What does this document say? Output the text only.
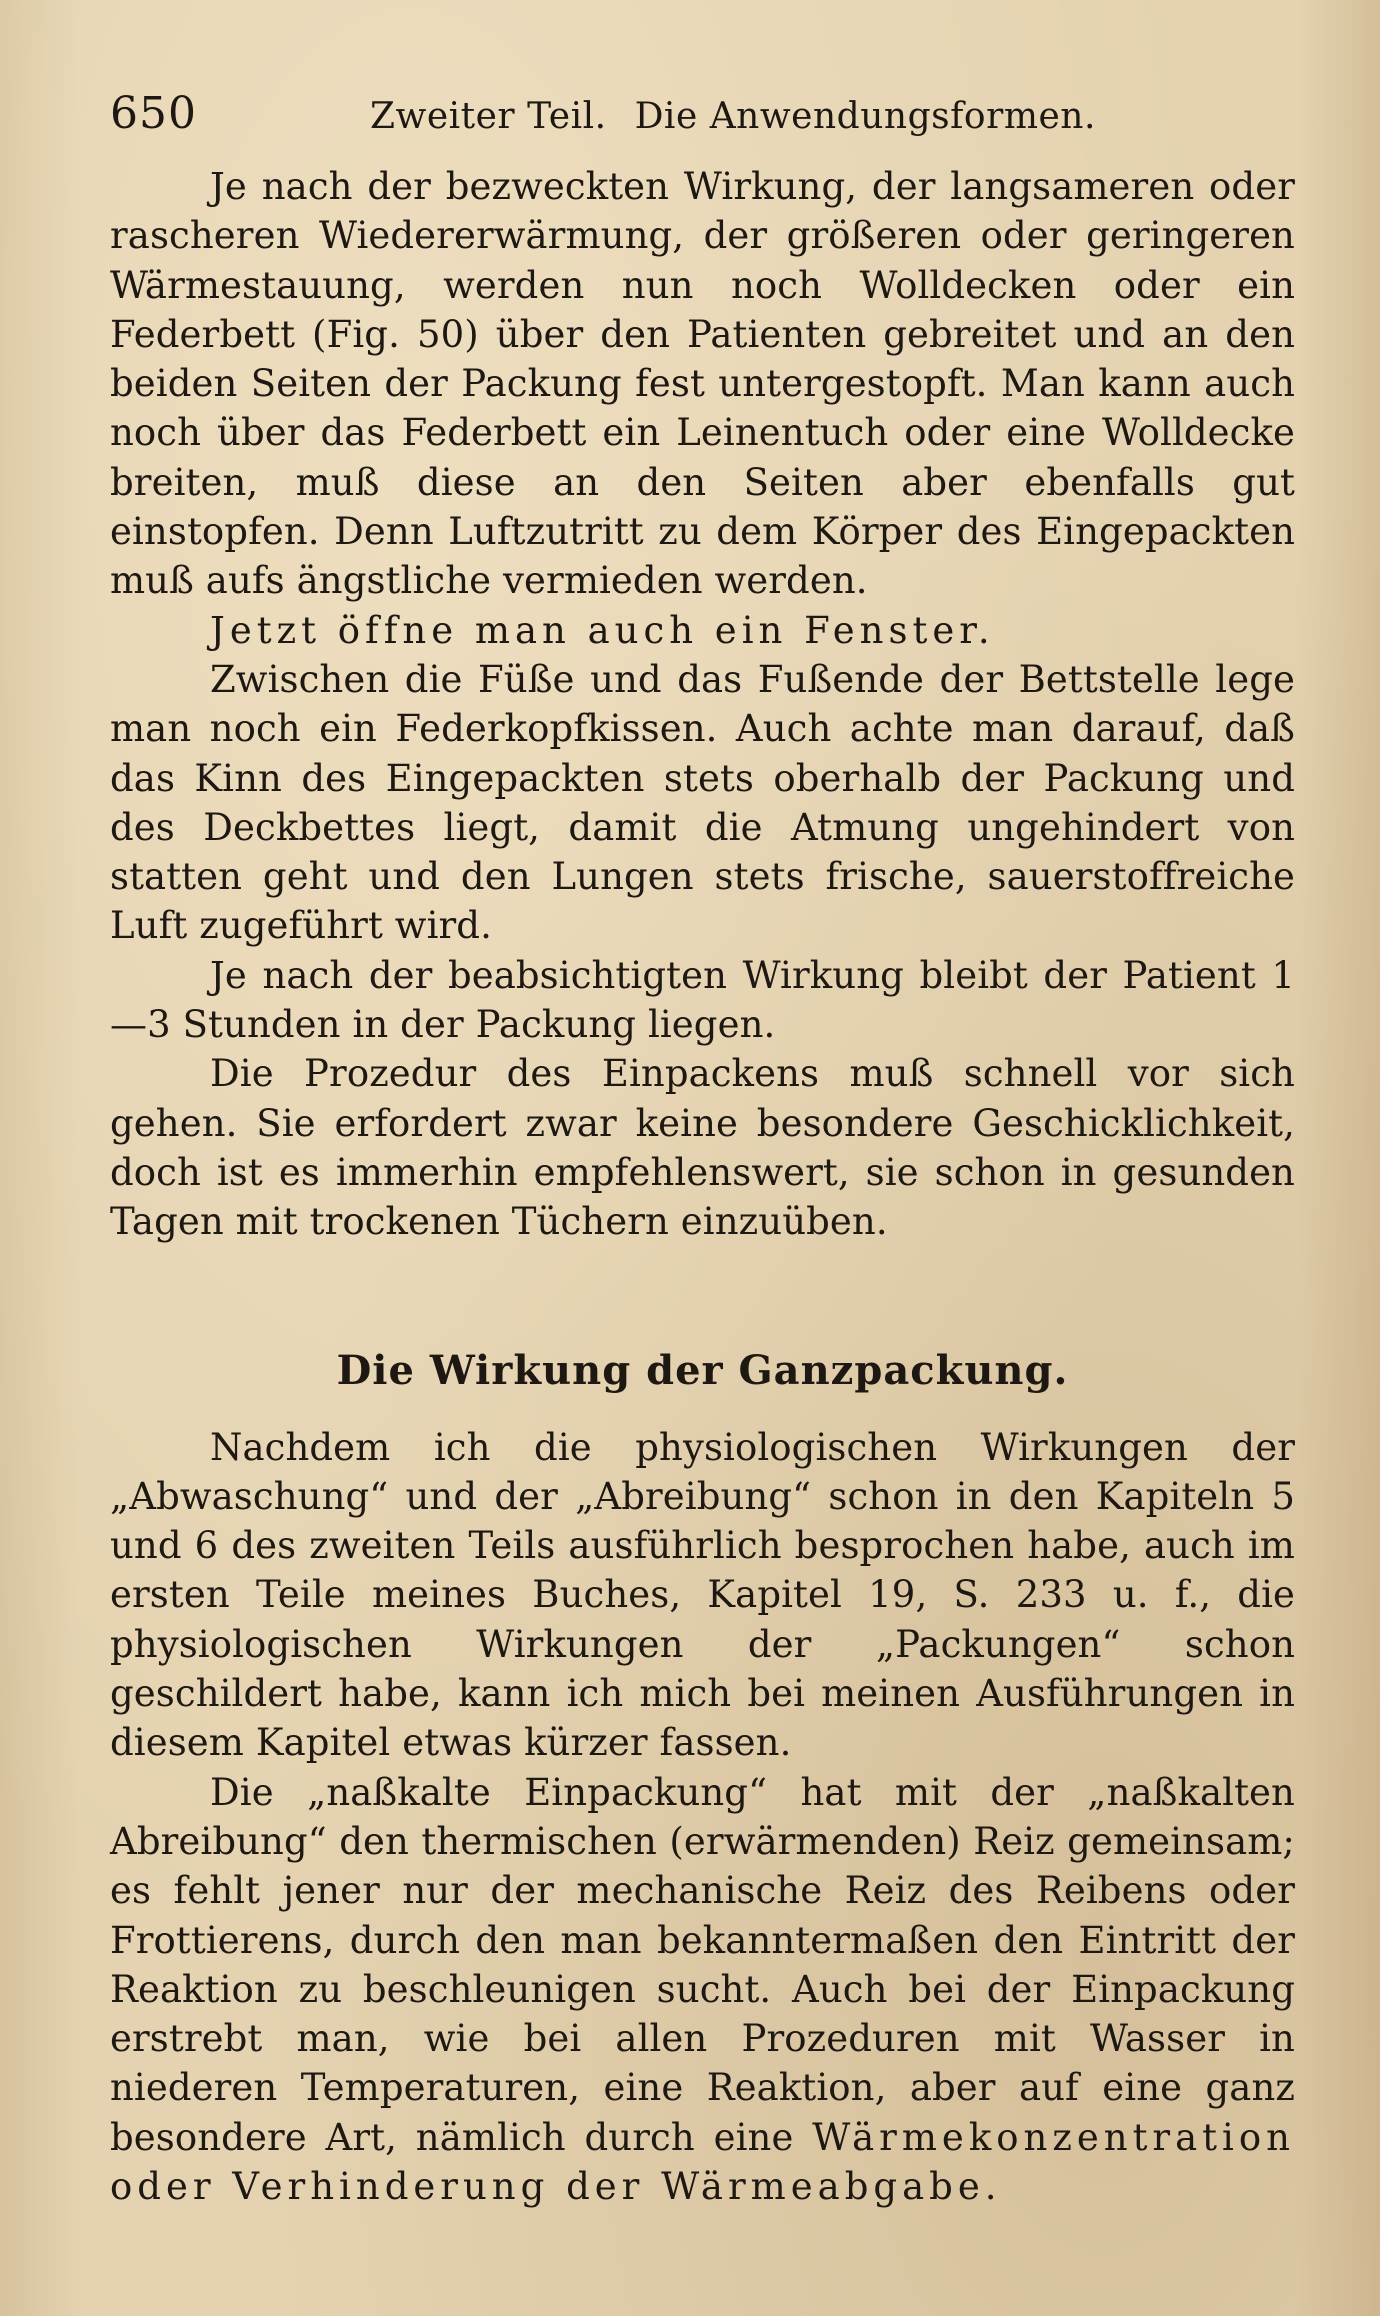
650	Zweiter Teil. Die Anwendungsformen.

Je nach der bezweckten Wirkung, der langsameren oder rascheren Wiedererwärmung, der größeren oder geringeren Wärmestauung, werden nun noch Wolldecken oder ein Federbett (Fig. 50) über den Patienten gebreitet und an den beiden Seiten der Packung fest untergestopft. Man kann auch noch über das Federbett ein Leinentuch oder eine Wolldecke breiten, muß diese an den Seiten aber ebenfalls gut einstopfen. Denn Luftzutritt zu dem Körper des Eingepackten muß aufs ängstliche vermieden werden.

Jetzt öffne man auch ein Fenster.

Zwischen die Füße und das Fußende der Bettstelle lege man noch ein Federkopfkissen. Auch achte man darauf, daß das Kinn des Eingepackten stets oberhalb der Packung und des Deckbettes liegt, damit die Atmung ungehindert von statten geht und den Lungen stets frische, sauerstoffreiche Luft zugeführt wird.

Je nach der beabsichtigten Wirkung bleibt der Patient 1—3 Stunden in der Packung liegen.

Die Prozedur des Einpackens muß schnell vor sich gehen. Sie erfordert zwar keine besondere Geschicklichkeit, doch ist es immerhin empfehlenswert, sie schon in gesunden Tagen mit trockenen Tüchern einzuüben.

Die Wirkung der Ganzpackung.

Nachdem ich die physiologischen Wirkungen der „Abwaschung“ und der „Abreibung“ schon in den Kapiteln 5 und 6 des zweiten Teils ausführlich besprochen habe, auch im ersten Teile meines Buches, Kapitel 19, S. 233 u. f., die physiologischen Wirkungen der „Packungen“ schon geschildert habe, kann ich mich bei meinen Ausführungen in diesem Kapitel etwas kürzer fassen.

Die „naßkalte Einpackung“ hat mit der „naßkalten Abreibung“ den thermischen (erwärmenden) Reiz gemeinsam; es fehlt jener nur der mechanische Reiz des Reibens oder Frottierens, durch den man bekanntermaßen den Eintritt der Reaktion zu beschleunigen sucht. Auch bei der Einpackung erstrebt man, wie bei allen Prozeduren mit Wasser in niederen Temperaturen, eine Reaktion, aber auf eine ganz besondere Art, nämlich durch eine Wärmekonzentration oder Verhinderung der Wärmeabgabe.
